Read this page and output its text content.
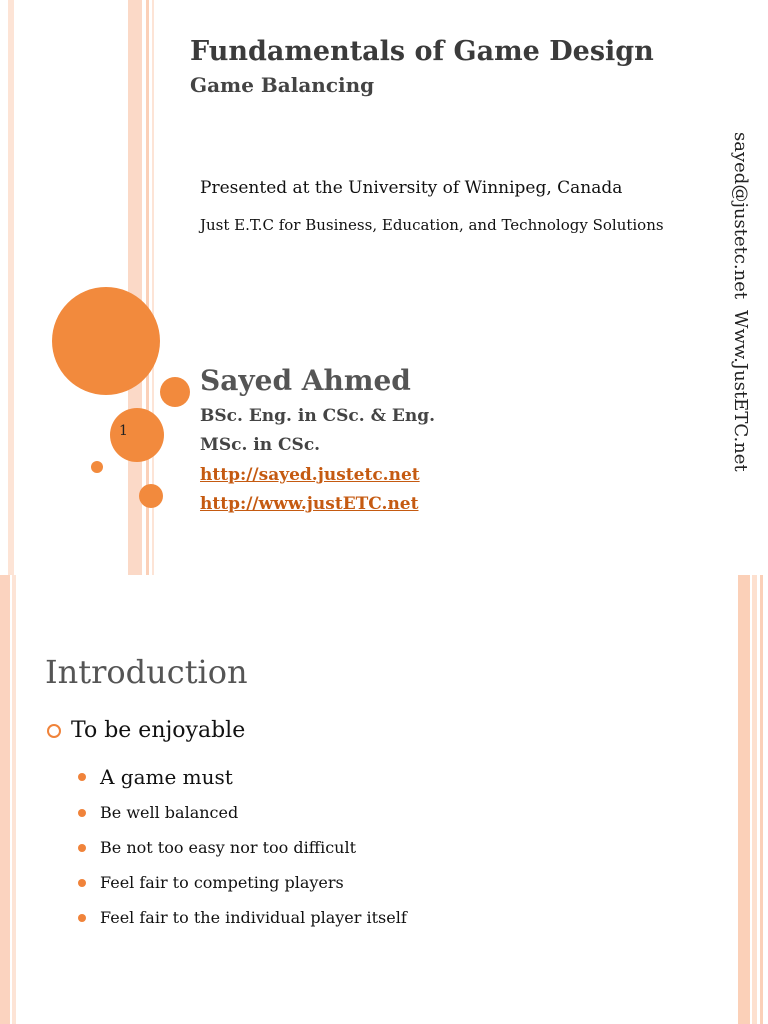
Fundamentals of Game Design
Game Balancing
Presented at the University of Winnipeg, Canada
Just E.T.C for Business, Education, and Technology Solutions
1
Sayed Ahmed
BSc. Eng. in CSc. & Eng.
MSc. in CSc.
http://sayed.justetc.net
http://www.justETC.net
sayed@justetc.net
Www.JustETC.net
Introduction
To be enjoyable
A game must
Be well balanced
Be not too easy nor too difficult
Feel fair to competing players
Feel fair to the individual player itself
